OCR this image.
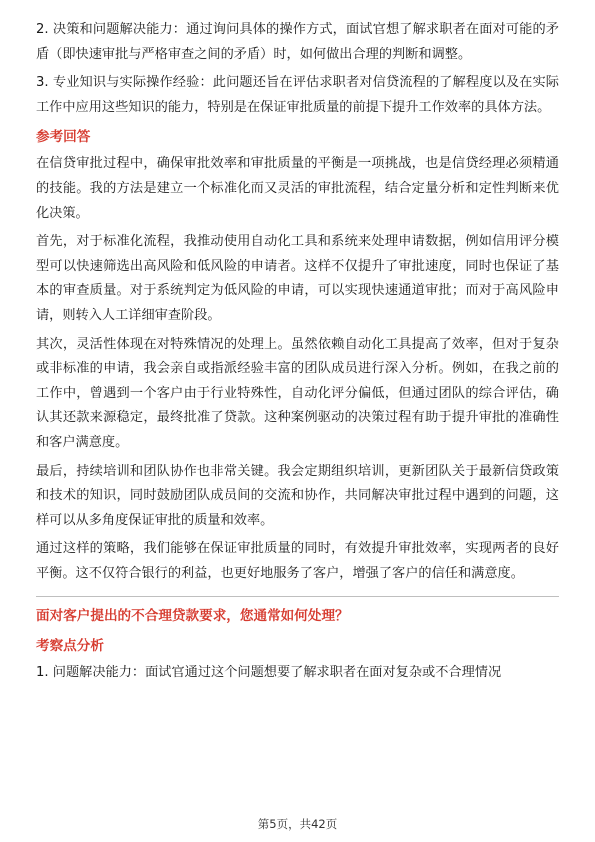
2. 决策和问题解决能力：通过询问具体的操作方式，面试官想了解求职者在面对可能的矛盾（即快速审批与严格审查之间的矛盾）时，如何做出合理的判断和调整。

3. 专业知识与实际操作经验：此问题还旨在评估求职者对信贷流程的了解程度以及在实际工作中应用这些知识的能力，特别是在保证审批质量的前提下提升工作效率的具体方法。

参考回答

在信贷审批过程中，确保审批效率和审批质量的平衡是一项挑战，也是信贷经理必须精通的技能。我的方法是建立一个标准化而又灵活的审批流程，结合定量分析和定性判断来优化决策。

首先，对于标准化流程，我推动使用自动化工具和系统来处理申请数据，例如信用评分模型可以快速筛选出高风险和低风险的申请者。这样不仅提升了审批速度，同时也保证了基本的审查质量。对于系统判定为低风险的申请，可以实现快速通道审批；而对于高风险申请，则转入人工详细审查阶段。

其次，灵活性体现在对特殊情况的处理上。虽然依赖自动化工具提高了效率，但对于复杂或非标准的申请，我会亲自或指派经验丰富的团队成员进行深入分析。例如，在我之前的工作中，曾遇到一个客户由于行业特殊性，自动化评分偏低，但通过团队的综合评估，确认其还款来源稳定，最终批准了贷款。这种案例驱动的决策过程有助于提升审批的准确性和客户满意度。

最后，持续培训和团队协作也非常关键。我会定期组织培训，更新团队关于最新信贷政策和技术的知识，同时鼓励团队成员间的交流和协作，共同解决审批过程中遇到的问题，这样可以从多角度保证审批的质量和效率。

通过这样的策略，我们能够在保证审批质量的同时，有效提升审批效率，实现两者的良好平衡。这不仅符合银行的利益，也更好地服务了客户，增强了客户的信任和满意度。

面对客户提出的不合理贷款要求，您通常如何处理？
考察点分析

1. 问题解决能力：面试官通过这个问题想要了解求职者在面对复杂或不合理情况

第5页，共42页
